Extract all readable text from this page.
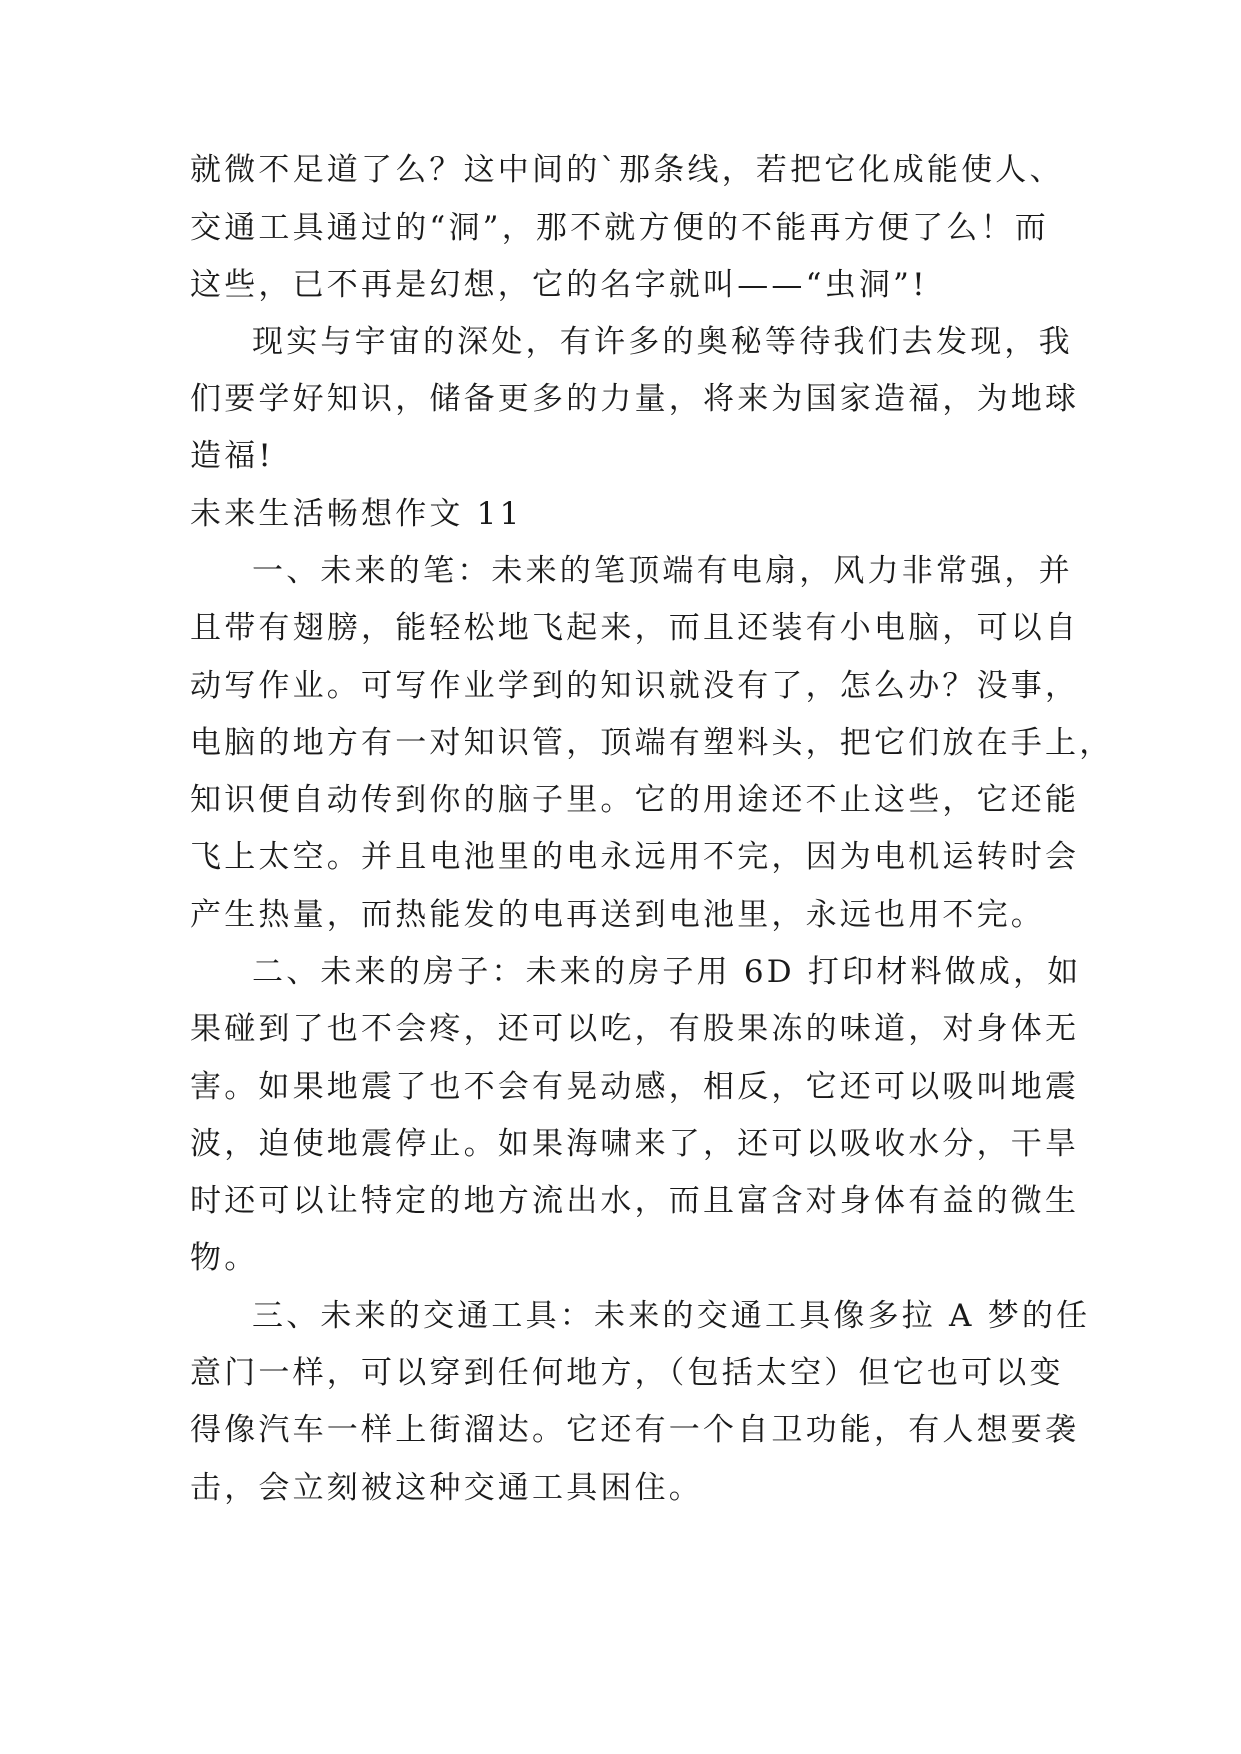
就微不足道了么？这中间的`那条线，若把它化成能使人、
交通工具通过的“洞”，那不就方便的不能再方便了么！而
这些，已不再是幻想，它的名字就叫——“虫洞”!
现实与宇宙的深处，有许多的奥秘等待我们去发现，我
们要学好知识，储备更多的力量，将来为国家造福，为地球
造福!
未来生活畅想作文 11
一、未来的笔：未来的笔顶端有电扇，风力非常强，并
且带有翅膀，能轻松地飞起来，而且还装有小电脑，可以自
动写作业。可写作业学到的知识就没有了，怎么办？没事，
电脑的地方有一对知识管，顶端有塑料头，把它们放在手上，
知识便自动传到你的脑子里。它的用途还不止这些，它还能
飞上太空。并且电池里的电永远用不完，因为电机运转时会
产生热量，而热能发的电再送到电池里，永远也用不完。
二、未来的房子：未来的房子用 6D 打印材料做成，如
果碰到了也不会疼，还可以吃，有股果冻的味道，对身体无
害。如果地震了也不会有晃动感，相反，它还可以吸叫地震
波，迫使地震停止。如果海啸来了，还可以吸收水分，干旱
时还可以让特定的地方流出水，而且富含对身体有益的微生
物。
三、未来的交通工具：未来的交通工具像多拉 A 梦的任
意门一样，可以穿到任何地方，（包括太空）但它也可以变
得像汽车一样上街溜达。它还有一个自卫功能，有人想要袭
击，会立刻被这种交通工具困住。
